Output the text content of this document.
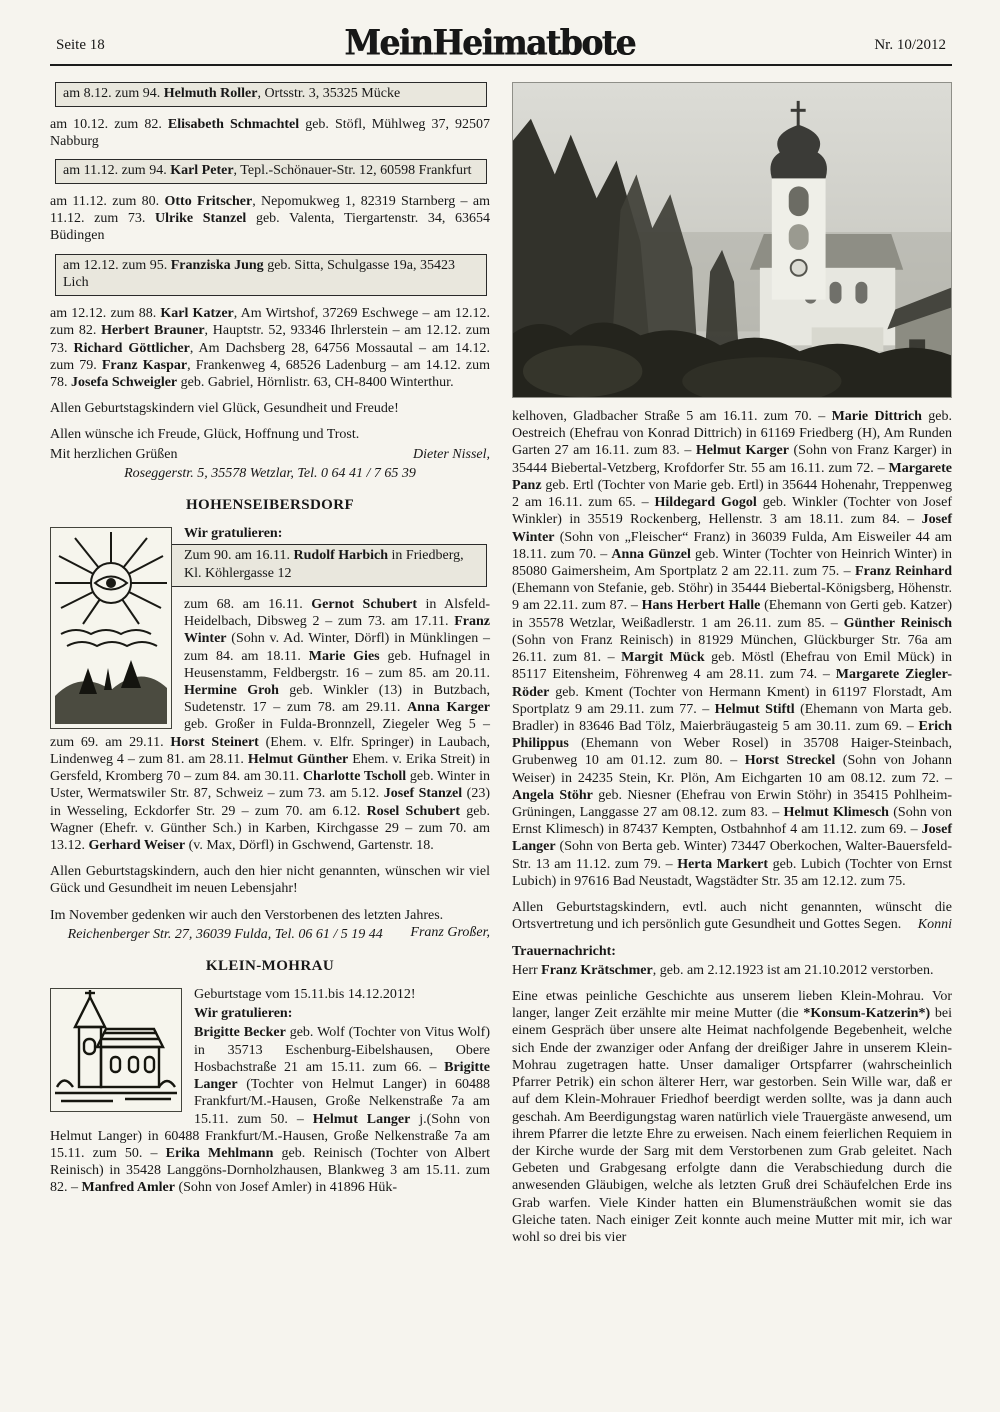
Seite 18	MeinHeimatbote	Nr. 10/2012
am 8.12. zum 94. Helmuth Roller, Ortsstr. 3, 35325 Mücke

am 10.12. zum 82. Elisabeth Schmachtel geb. Stöfl, Mühlweg 37, 92507 Nabburg

am 11.12. zum 94. Karl Peter, Tepl.-Schönauer-Str. 12, 60598 Frankfurt

am 11.12. zum 80. Otto Fritscher, Nepomukweg 1, 82319 Starnberg – am 11.12. zum 73. Ulrike Stanzel geb. Valenta, Tiergartenstr. 34, 63654 Büdingen

am 12.12. zum 95. Franziska Jung geb. Sitta, Schulgasse 19a, 35423 Lich

am 12.12. zum 88. Karl Katzer, Am Wirtshof, 37269 Eschwege – am 12.12. zum 82. Herbert Brauner, Hauptstr. 52, 93346 Ihrlerstein – am 12.12. zum 73. Richard Göttlicher, Am Dachsberg 28, 64756 Mossautal – am 14.12. zum 79. Franz Kaspar, Frankenweg 4, 68526 Ladenburg – am 14.12. zum 78. Josefa Schweigler geb. Gabriel, Hörnlistr. 63, CH-8400 Winterthur.

Allen Geburtstagskindern viel Glück, Gesundheit und Freude!

Allen wünsche ich Freude, Glück, Hoffnung und Trost.

Mit herzlichen Grüßen	Dieter Nissel,

Roseggerstr. 5, 35578 Wetzlar, Tel. 0 64 41 / 7 65 39

HOHENSEIBERSDORF

Wir gratulieren:

Zum 90. am 16.11. Rudolf Harbich in Friedberg, Kl. Köhlergasse 12

zum 68. am 16.11. Gernot Schubert in Alsfeld-Heidelbach, Dibsweg 2 – zum 73. am 17.11. Franz Winter (Sohn v. Ad. Winter, Dörfl) in Münklingen – zum 84. am 18.11. Marie Gies geb. Hufnagel in Heusenstamm, Feldbergstr. 16 – zum 85. am 20.11. Hermine Groh geb. Winkler (13) in Butzbach, Sudetenstr. 17 – zum 78. am 29.11. Anna Karger geb. Großer in Fulda-Bronnzell, Ziegeler Weg 5 – zum 69. am 29.11. Horst Steinert (Ehem. v. Elfr. Springer) in Laubach, Lindenweg 4 – zum 81. am 28.11. Helmut Günther Ehem. v. Erika Streit) in Gersfeld, Kromberg 70 – zum 84. am 30.11. Charlotte Tscholl geb. Winter in Uster, Wermatswiler Str. 87, Schweiz – zum 73. am 5.12. Josef Stanzel (23) in Wesseling, Eckdorfer Str. 29 – zum 70. am 6.12. Rosel Schubert geb. Wagner (Ehefr. v. Günther Sch.) in Karben, Kirchgasse 29 – zum 70. am 13.12. Gerhard Weiser (v. Max, Dörfl) in Gschwend, Gartenstr. 18.

Allen Geburtstagskindern, auch den hier nicht genannten, wünschen wir viel Gück und Gesundheit im neuen Lebensjahr!

Im November gedenken wir auch den Verstorbenen des letzten Jahres.
Franz Großer,

Reichenberger Str. 27, 36039 Fulda, Tel. 06 61 / 5 19 44

KLEIN-MOHRAU

Geburtstage vom 15.11.bis 14.12.2012!

Wir gratulieren:

Brigitte Becker geb. Wolf (Tochter von Vitus Wolf) in 35713 Eschenburg-Eibelshausen, Obere Hosbachstraße 21 am 15.11. zum 66. – Brigitte Langer (Tochter von Helmut Langer) in 60488 Frankfurt/M.-Hausen, Große Nelkenstraße 7a am 15.11. zum 50. – Helmut Langer j.(Sohn von Helmut Langer) in 60488 Frankfurt/M.-Hausen, Große Nelkenstraße 7a am 15.11. zum 50. – Erika Mehlmann geb. Reinisch (Tochter von Albert Reinisch) in 35428 Langgöns-Dornholzhausen, Blankweg 3 am 15.11. zum 82. – Manfred Amler (Sohn von Josef Amler) in 41896 Hük-

kelhoven, Gladbacher Straße 5 am 16.11. zum 70. – Marie Dittrich geb. Oestreich (Ehefrau von Konrad Dittrich) in 61169 Friedberg (H), Am Runden Garten 27 am 16.11. zum 83. – Helmut Karger (Sohn von Franz Karger) in 35444 Biebertal-Vetzberg, Krofdorfer Str. 55 am 16.11. zum 72. – Margarete Panz geb. Ertl (Tochter von Marie geb. Ertl) in 35644 Hohenahr, Treppenweg 2 am 16.11. zum 65. – Hildegard Gogol geb. Winkler (Tochter von Josef Winkler) in 35519 Rockenberg, Hellenstr. 3 am 18.11. zum 84. – Josef Winter (Sohn von „Fleischer“ Franz) in 36039 Fulda, Am Eisweiler 44 am 18.11. zum 70. – Anna Günzel geb. Winter (Tochter von Heinrich Winter) in 85080 Gaimersheim, Am Sportplatz 2 am 22.11. zum 75. – Franz Reinhard (Ehemann von Stefanie, geb. Stöhr) in 35444 Biebertal-Königsberg, Höhenstr. 9 am 22.11. zum 87. – Hans Herbert Halle (Ehemann von Gerti geb. Katzer) in 35578 Wetzlar, Weißadlerstr. 1 am 26.11. zum 85. – Günther Reinisch (Sohn von Franz Reinisch) in 81929 München, Glückburger Str. 76a am 26.11. zum 81. – Margit Mück geb. Möstl (Ehefrau von Emil Mück) in 85117 Eitensheim, Föhrenweg 4 am 28.11. zum 74. – Margarete Ziegler-Röder geb. Kment (Tochter von Hermann Kment) in 61197 Florstadt, Am Sportplatz 9 am 29.11. zum 77. – Helmut Stiftl (Ehemann von Marta geb. Bradler) in 83646 Bad Tölz, Maierbräugasteig 5 am 30.11. zum 69. – Erich Philippus (Ehemann von Weber Rosel) in 35708 Haiger-Steinbach, Grubenweg 10 am 01.12. zum 80. – Horst Streckel (Sohn von Johann Weiser) in 24235 Stein, Kr. Plön, Am Eichgarten 10 am 08.12. zum 72. – Angela Stöhr geb. Niesner (Ehefrau von Erwin Stöhr) in 35415 Pohlheim-Grüningen, Langgasse 27 am 08.12. zum 83. – Helmut Klimesch (Sohn von Ernst Klimesch) in 87437 Kempten, Ostbahnhof 4 am 11.12. zum 69. – Josef Langer (Sohn von Berta geb. Winter) 73447 Oberkochen, Walter-Bauersfeld-Str. 13 am 11.12. zum 79. – Herta Markert geb. Lubich (Tochter von Ernst Lubich) in 97616 Bad Neustadt, Wagstädter Str. 35 am 12.12. zum 75.

Allen Geburtstagskindern, evtl. auch nicht genannten, wünscht die Ortsvertretung und ich persönlich gute Gesundheit und Gottes Segen.	Konni

Trauernachricht:

Herr Franz Krätschmer, geb. am 2.12.1923 ist am 21.10.2012 verstorben.

Eine etwas peinliche Geschichte aus unserem lieben Klein-Mohrau. Vor langer, langer Zeit erzählte mir meine Mutter (die *Konsum-Katzerin*) bei einem Gespräch über unsere alte Heimat nachfolgende Begebenheit, welche sich Ende der zwanziger oder Anfang der dreißiger Jahre in unserem Klein-Mohrau zugetragen hatte. Unser damaliger Ortspfarrer (wahrscheinlich Pfarrer Petrik) ein schon älterer Herr, war gestorben. Sein Wille war, daß er auf dem Klein-Mohrauer Friedhof beerdigt werden sollte, was ja dann auch geschah. Am Beerdigungstag waren natürlich viele Trauergäste anwesend, um ihrem Pfarrer die letzte Ehre zu erweisen. Nach einem feierlichen Requiem in der Kirche wurde der Sarg mit dem Verstorbenen zum Grab geleitet. Nach Gebeten und Grabgesang erfolgte dann die Verabschiedung durch die anwesenden Gläubigen, welche als letzten Gruß drei Schäufelchen Erde ins Grab warfen. Viele Kinder hatten ein Blumensträußchen womit sie das Gleiche taten. Nach einiger Zeit konnte auch meine Mutter mit mir, ich war wohl so drei bis vier
